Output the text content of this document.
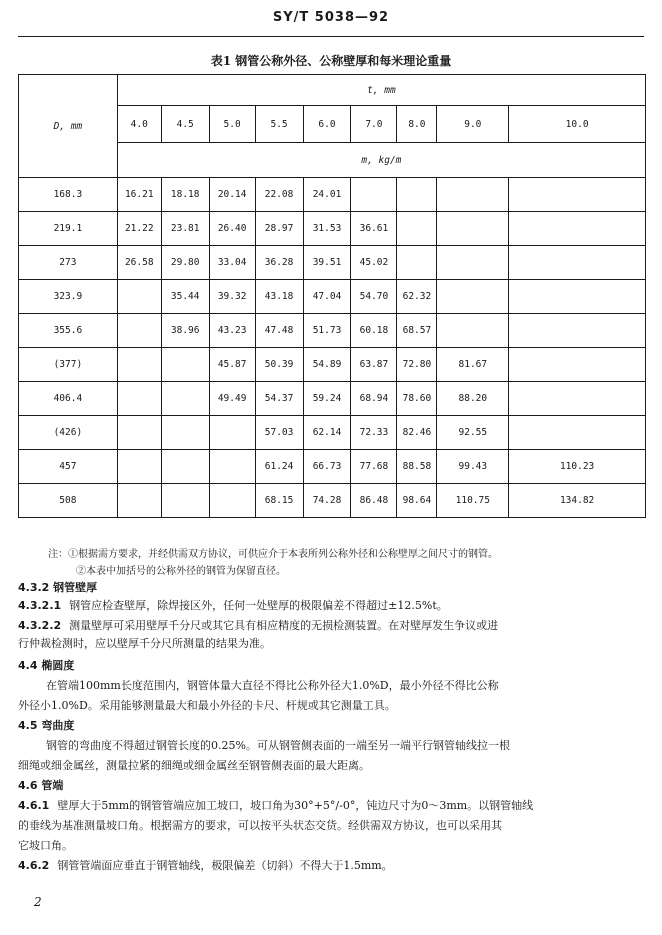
SY/T 5038—92
表1 钢管公称外径、公称壁厚和每米理论重量
D, mm	t, mm								
	4.0	4.5	5.0	5.5	6.0	7.0	8.0	9.0	10.0
	m, kg/m								
168.3	16.21	18.18	20.14	22.08	24.01				
219.1	21.22	23.81	26.40	28.97	31.53	36.61			
273	26.58	29.80	33.04	36.28	39.51	45.02			
323.9		35.44	39.32	43.18	47.04	54.70	62.32		
355.6		38.96	43.23	47.48	51.73	60.18	68.57		
(377)			45.87	50.39	54.89	63.87	72.80	81.67	
406.4			49.49	54.37	59.24	68.94	78.60	88.20	
(426)				57.03	62.14	72.33	82.46	92.55	
457				61.24	66.73	77.68	88.58	99.43	110.23
508				68.15	74.28	86.48	98.64	110.75	134.82
注：①根据需方要求，并经供需双方协议，可供应介于本表所列公称外径和公称壁厚之间尺寸的钢管。
②本表中加括号的公称外径的钢管为保留直径。
4.3.2 钢管壁厚
4.3.2.1 钢管应检查壁厚，除焊接区外，任何一处壁厚的极限偏差不得超过±12.5%t。
4.3.2.2 测量壁厚可采用壁厚千分尺或其它具有相应精度的无损检测装置。在对壁厚发生争议或进
行仲裁检测时，应以壁厚千分尺所测量的结果为准。
4.4 椭圆度
在管端100mm长度范围内，钢管体量大直径不得比公称外径大1.0%D，最小外径不得比公称
外径小1.0%D。采用能够测量最大和最小外径的卡尺、杆规或其它测量工具。
4.5 弯曲度
钢管的弯曲度不得超过钢管长度的0.25%。可从钢管侧表面的一端至另一端平行钢管轴线拉一根
细绳或细金属丝，测量拉紧的细绳或细金属丝至钢管侧表面的最大距离。
4.6 管端
4.6.1 壁厚大于5mm的钢管管端应加工坡口，坡口角为30°+5°/-0°，钝边尺寸为0～3mm。以钢管轴线
的垂线为基准测量坡口角。根据需方的要求，可以按平头状态交货。经供需双方协议，也可以采用其
它坡口角。
4.6.2 钢管管端面应垂直于钢管轴线，极限偏差（切斜）不得大于1.5mm。
2
